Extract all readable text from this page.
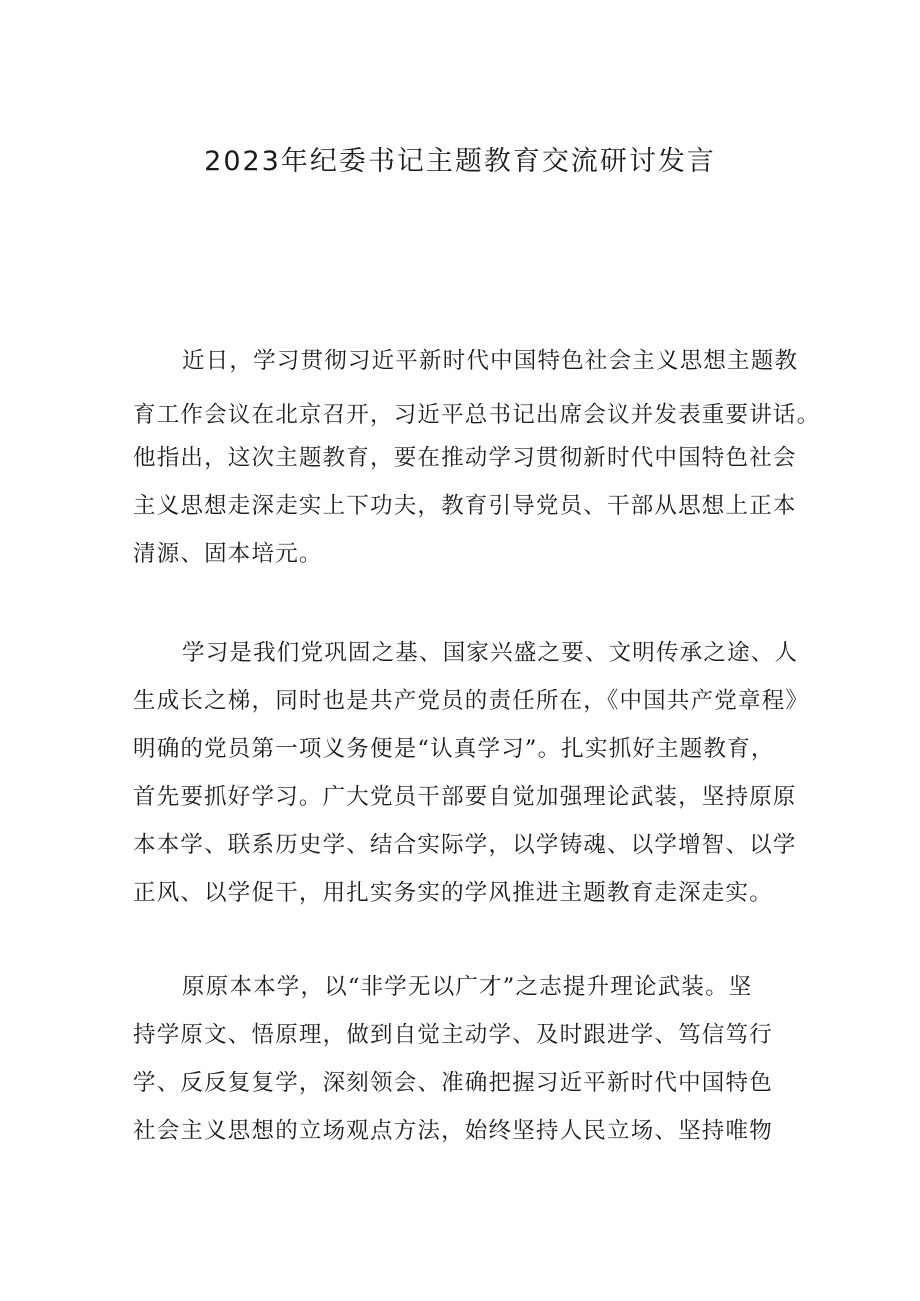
2023年纪委书记主题教育交流研讨发言
近日，学习贯彻习近平新时代中国特色社会主义思想主题教
育工作会议在北京召开，习近平总书记出席会议并发表重要讲话。
他指出，这次主题教育，要在推动学习贯彻新时代中国特色社会
主义思想走深走实上下功夫，教育引导党员、干部从思想上正本
清源、固本培元。
学习是我们党巩固之基、国家兴盛之要、文明传承之途、人
生成长之梯，同时也是共产党员的责任所在，《中国共产党章程》
明确的党员第一项义务便是“认真学习”。扎实抓好主题教育，
首先要抓好学习。广大党员干部要自觉加强理论武装，坚持原原
本本学、联系历史学、结合实际学，以学铸魂、以学增智、以学
正风、以学促干，用扎实务实的学风推进主题教育走深走实。
原原本本学，以“非学无以广才”之志提升理论武装。坚
持学原文、悟原理，做到自觉主动学、及时跟进学、笃信笃行
学、反反复复学，深刻领会、准确把握习近平新时代中国特色
社会主义思想的立场观点方法，始终坚持人民立场、坚持唯物
